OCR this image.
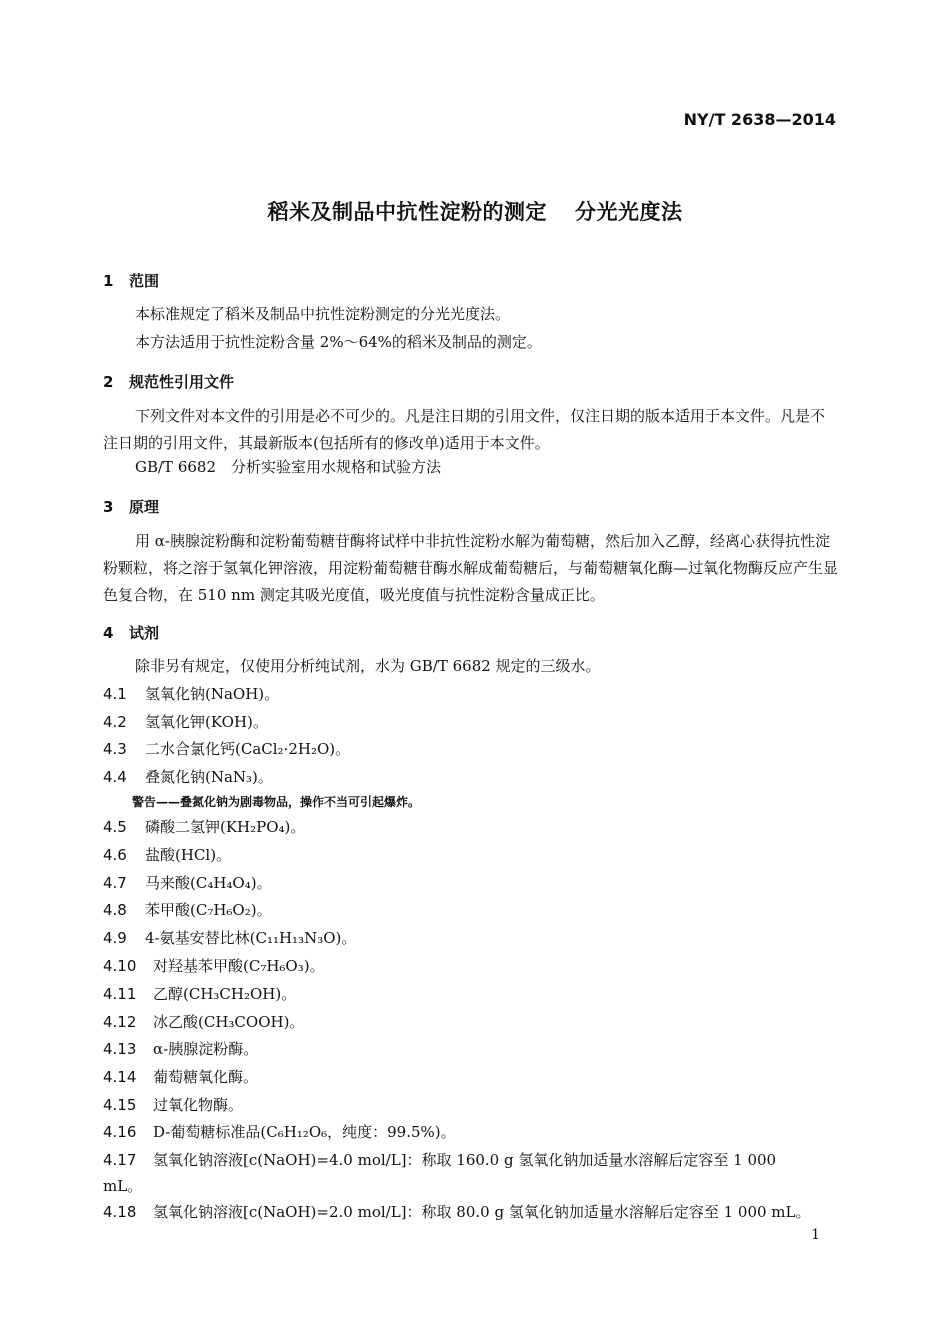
NY/T 2638—2014
稻米及制品中抗性淀粉的测定 分光光度法
1 范围
本标准规定了稻米及制品中抗性淀粉测定的分光光度法。
本方法适用于抗性淀粉含量 2%～64%的稻米及制品的测定。
2 规范性引用文件
下列文件对本文件的引用是必不可少的。凡是注日期的引用文件，仅注日期的版本适用于本文件。凡是不注日期的引用文件，其最新版本(包括所有的修改单)适用于本文件。
GB/T 6682　分析实验室用水规格和试验方法
3 原理
用 α-胰腺淀粉酶和淀粉葡萄糖苷酶将试样中非抗性淀粉水解为葡萄糖，然后加入乙醇，经离心获得抗性淀粉颗粒，将之溶于氢氧化钾溶液，用淀粉葡萄糖苷酶水解成葡萄糖后，与葡萄糖氧化酶—过氧化物酶反应产生显色复合物，在 510 nm 测定其吸光度值，吸光度值与抗性淀粉含量成正比。
4 试剂
除非另有规定，仅使用分析纯试剂，水为 GB/T 6682 规定的三级水。
4.1 氢氧化钠(NaOH)。
4.2 氢氧化钾(KOH)。
4.3 二水合氯化钙(CaCl₂·2H₂O)。
4.4 叠氮化钠(NaN₃)。
警告——叠氮化钠为剧毒物品，操作不当可引起爆炸。
4.5 磷酸二氢钾(KH₂PO₄)。
4.6 盐酸(HCl)。
4.7 马来酸(C₄H₄O₄)。
4.8 苯甲酸(C₇H₆O₂)。
4.9 4-氨基安替比林(C₁₁H₁₃N₃O)。
4.10 对羟基苯甲酸(C₇H₆O₃)。
4.11 乙醇(CH₃CH₂OH)。
4.12 冰乙酸(CH₃COOH)。
4.13 α-胰腺淀粉酶。
4.14 葡萄糖氧化酶。
4.15 过氧化物酶。
4.16 D-葡萄糖标准品(C₆H₁₂O₆，纯度：99.5%)。
4.17 氢氧化钠溶液[c(NaOH)=4.0 mol/L]：称取 160.0 g 氢氧化钠加适量水溶解后定容至 1 000
mL。
4.18 氢氧化钠溶液[c(NaOH)=2.0 mol/L]：称取 80.0 g 氢氧化钠加适量水溶解后定容至 1 000 mL。
1
